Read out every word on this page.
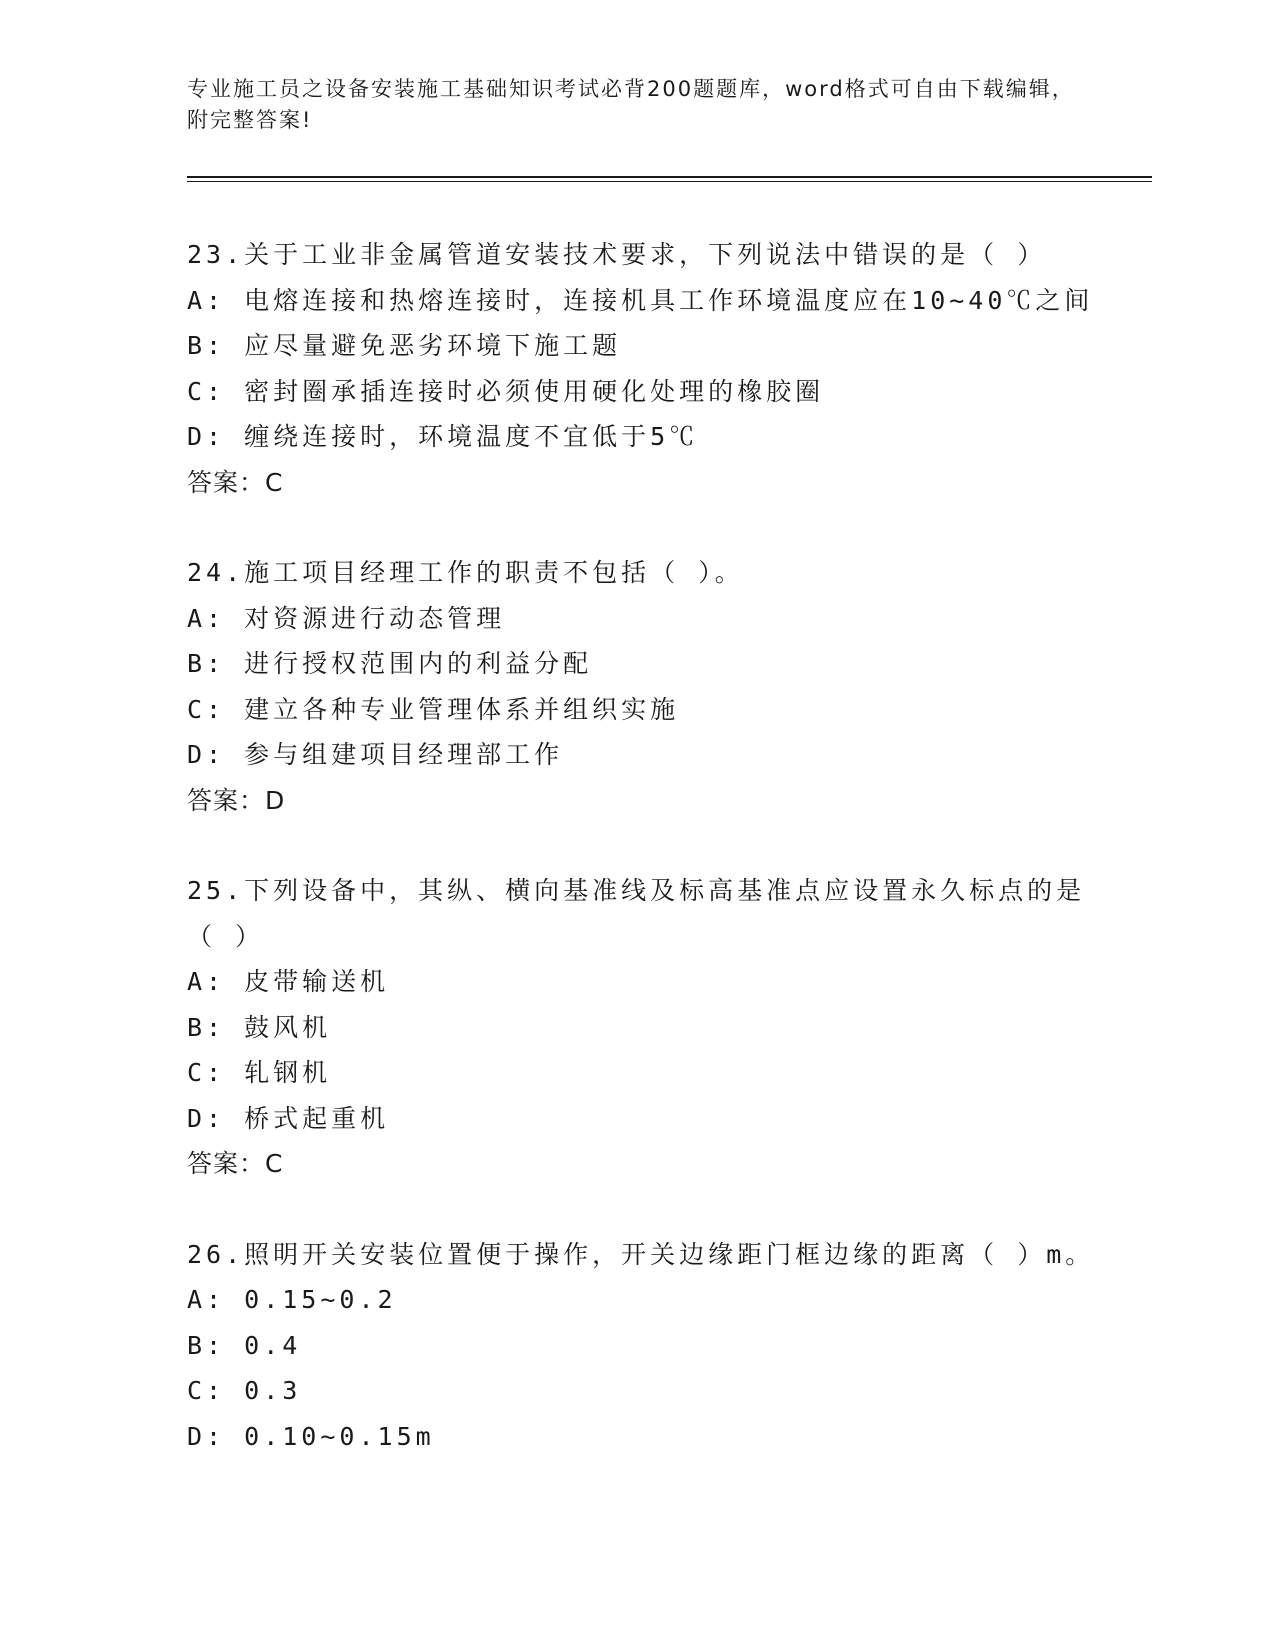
专业施工员之设备安装施工基础知识考试必背200题题库，word格式可自由下载编辑，附完整答案!
23.关于工业非金属管道安装技术要求，下列说法中错误的是（ ）
A: 电熔连接和热熔连接时，连接机具工作环境温度应在10~40℃之间
B: 应尽量避免恶劣环境下施工题
C: 密封圈承插连接时必须使用硬化处理的橡胶圈
D: 缠绕连接时，环境温度不宜低于5℃
答案：C
24.施工项目经理工作的职责不包括（ ）。
A: 对资源进行动态管理
B: 进行授权范围内的利益分配
C: 建立各种专业管理体系并组织实施
D: 参与组建项目经理部工作
答案：D
25.下列设备中，其纵、横向基准线及标高基准点应设置永久标点的是（ ）
A: 皮带输送机
B: 鼓风机
C: 轧钢机
D: 桥式起重机
答案：C
26.照明开关安装位置便于操作，开关边缘距门框边缘的距离（ ）m。
A: 0.15~0.2
B: 0.4
C: 0.3
D: 0.10~0.15m
